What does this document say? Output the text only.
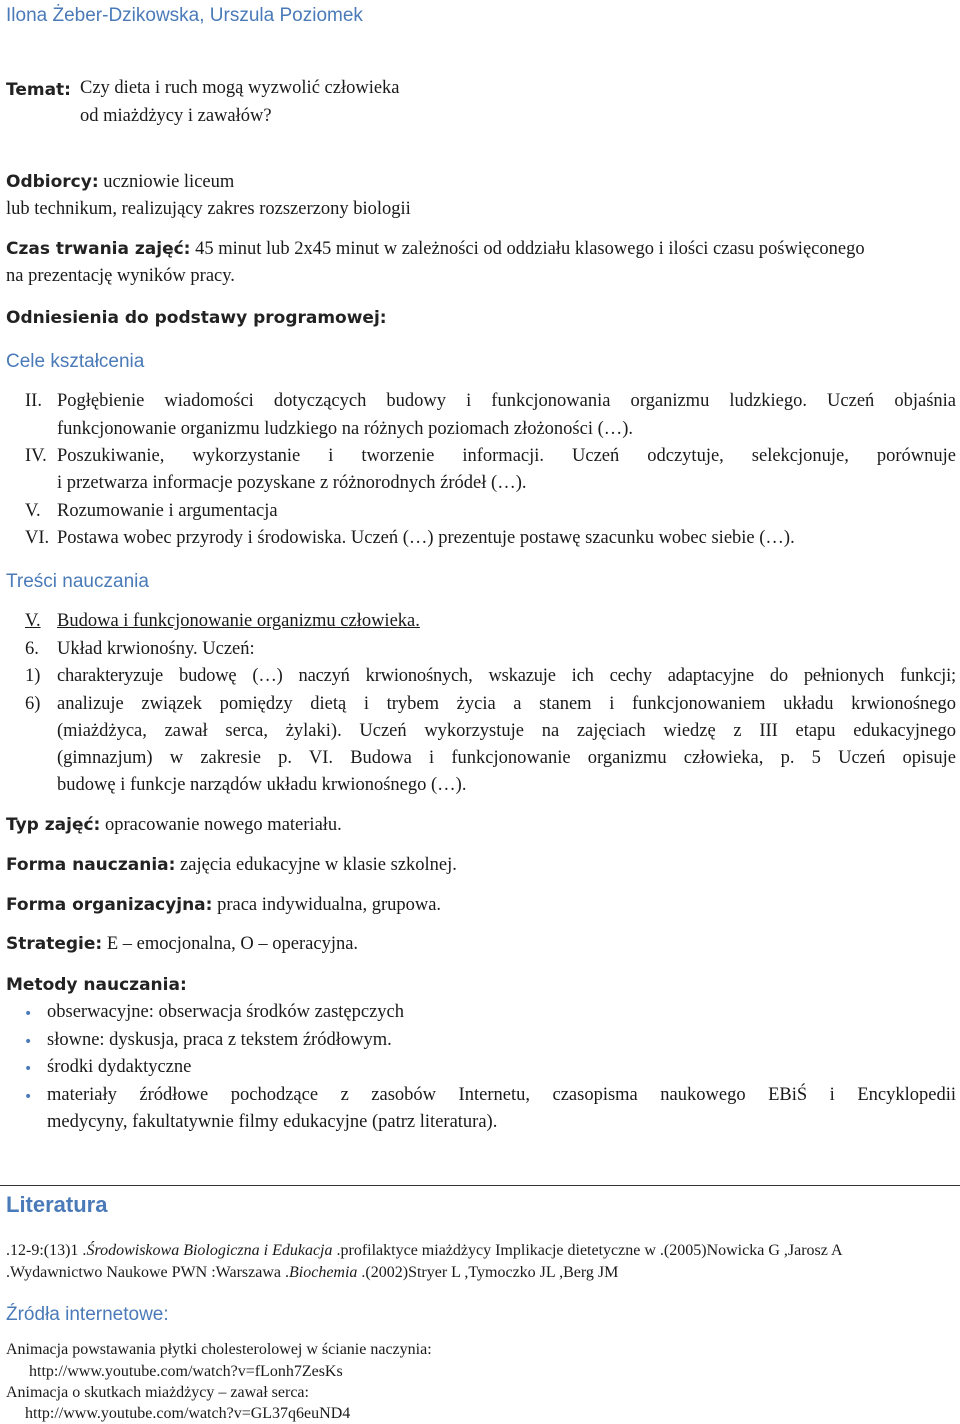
Ilona Żeber-Dzikowska, Urszula Poziomek
Temat: Czy dieta i ruch mogą wyzwolić człowieka
od miażdżycy i zawałów?
Odbiorcy: uczniowie liceum
lub technikum, realizujący zakres rozszerzony biologii
Czas trwania zajęć: 45 minut lub 2x45 minut w zależności od oddziału klasowego i ilości czasu poświęconego
na prezentację wyników pracy.
Odniesienia do podstawy programowej:
Cele kształcenia
II. Pogłębienie wiadomości dotyczących budowy i funkcjonowania organizmu ludzkiego. Uczeń objaśnia
funkcjonowanie organizmu ludzkiego na różnych poziomach złożoności (…).
IV. Poszukiwanie, wykorzystanie i tworzenie informacji. Uczeń odczytuje, selekcjonuje, porównuje
i przetwarza informacje pozyskane z różnorodnych źródeł (…).
V. Rozumowanie i argumentacja
VI. Postawa wobec przyrody i środowiska. Uczeń (…) prezentuje postawę szacunku wobec siebie (…).
Treści nauczania
V. Budowa i funkcjonowanie organizmu człowieka.
6. Układ krwionośny. Uczeń:
1) charakteryzuje budowę (…) naczyń krwionośnych, wskazuje ich cechy adaptacyjne do pełnionych funkcji;
6) analizuje związek pomiędzy dietą i trybem życia a stanem i funkcjonowaniem układu krwionośnego
(miażdżyca, zawał serca, żylaki). Uczeń wykorzystuje na zajęciach wiedzę z III etapu edukacyjnego
(gimnazjum) w zakresie p. VI. Budowa i funkcjonowanie organizmu człowieka, p. 5 Uczeń opisuje
budowę i funkcje narządów układu krwionośnego (…).
Typ zajęć: opracowanie nowego materiału.
Forma nauczania: zajęcia edukacyjne w klasie szkolnej.
Forma organizacyjna: praca indywidualna, grupowa.
Strategie: E – emocjonalna, O – operacyjna.
Metody nauczania:
• obserwacyjne: obserwacja środków zastępczych
• słowne: dyskusja, praca z tekstem źródłowym.
• środki dydaktyczne
• materiały źródłowe pochodzące z zasobów Internetu, czasopisma naukowego EBiŚ i Encyklopedii
medycyny, fakultatywnie filmy edukacyjne (patrz literatura).
Literatura
.12-9:(13)1 .Środowiskowa Biologiczna i Edukacja .profilaktyce miażdżycy Implikacje dietetyczne w .(2005)Nowicka G ,Jarosz A
.Wydawnictwo Naukowe PWN :Warszawa .Biochemia .(2002)Stryer L ,Tymoczko JL ,Berg JM
Źródła internetowe:
Animacja powstawania płytki cholesterolowej w ścianie naczynia:
http://www.youtube.com/watch?v=fLonh7ZesKs
Animacja o skutkach miażdżycy – zawał serca:
http://www.youtube.com/watch?v=GL37q6euND4
